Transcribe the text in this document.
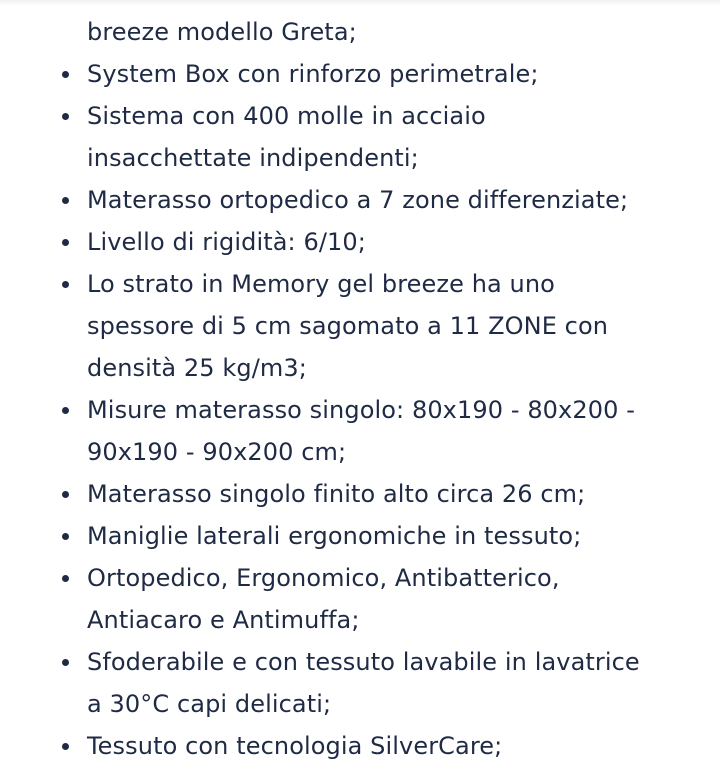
breeze modello Greta;
System Box con rinforzo perimetrale;
Sistema con 400 molle in acciaio
insacchettate indipendenti;
Materasso ortopedico a 7 zone differenziate;
Livello di rigidità: 6/10;
Lo strato in Memory gel breeze ha uno
spessore di 5 cm sagomato a 11 ZONE con
densità 25 kg/m3;
Misure materasso singolo: 80x190 - 80x200 -
90x190 - 90x200 cm;
Materasso singolo finito alto circa 26 cm;
Maniglie laterali ergonomiche in tessuto;
Ortopedico, Ergonomico, Antibatterico,
Antiacaro e Antimuffa;
Sfoderabile e con tessuto lavabile in lavatrice
a 30°C capi delicati;
Tessuto con tecnologia SilverCare;
